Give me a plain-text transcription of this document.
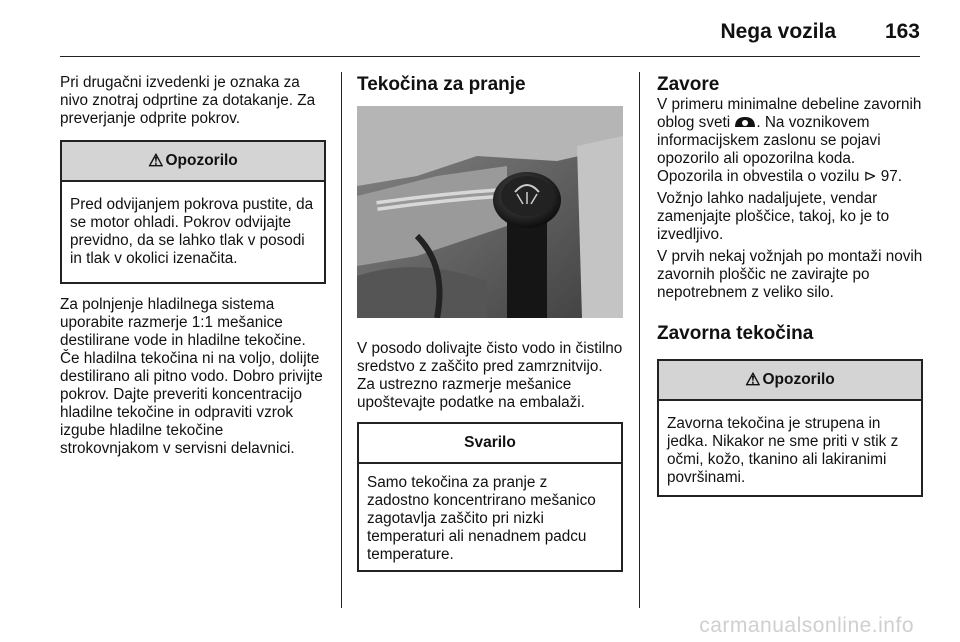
Nega vozila 163

Pri drugačni izvedenki je oznaka za nivo znotraj odprtine za dotakanje. Za preverjanje odprite pokrov.

⚠ Opozorilo
Pred odvijanjem pokrova pustite, da se motor ohladi. Pokrov odvijajte previdno, da se lahko tlak v posodi in tlak v okolici izenačita.

Za polnjenje hladilnega sistema uporabite razmerje 1:1 mešanice destilirane vode in hladilne tekočine. Če hladilna tekočina ni na voljo, dolijte destilirano ali pitno vodo. Dobro privijte pokrov. Dajte preveriti koncentracijo hladilne tekočine in odpraviti vzrok izgube hladilne tekočine strokovnjakom v servisni delavnici.

Tekočina za pranje

V posodo dolivajte čisto vodo in čistilno sredstvo z zaščito pred zamrznitvijo. Za ustrezno razmerje mešanice upoštevajte podatke na embalaži.

Svarilo
Samo tekočina za pranje z zadostno koncentrirano mešanico zagotavlja zaščito pri nizki temperaturi ali nenadnem padcu temperature.
Zavore

V primeru minimalne debeline zavornih oblog sveti . Na voznikovem informacijskem zaslonu se pojavi opozorilo ali opozorilna koda. Opozorila in obvestila o vozilu ⊳ 97.

Vožnjo lahko nadaljujete, vendar zamenjajte ploščice, takoj, ko je to izvedljivo.

V prvih nekaj vožnjah po montaži novih zavornih ploščic ne zavirajte po nepotrebnem z veliko silo.

Zavorna tekočina
⚠ Opozorilo
Zavorna tekočina je strupena in jedka. Nikakor ne sme priti v stik z očmi, kožo, tkanino ali lakiranimi površinami.
carmanualsonline.info
